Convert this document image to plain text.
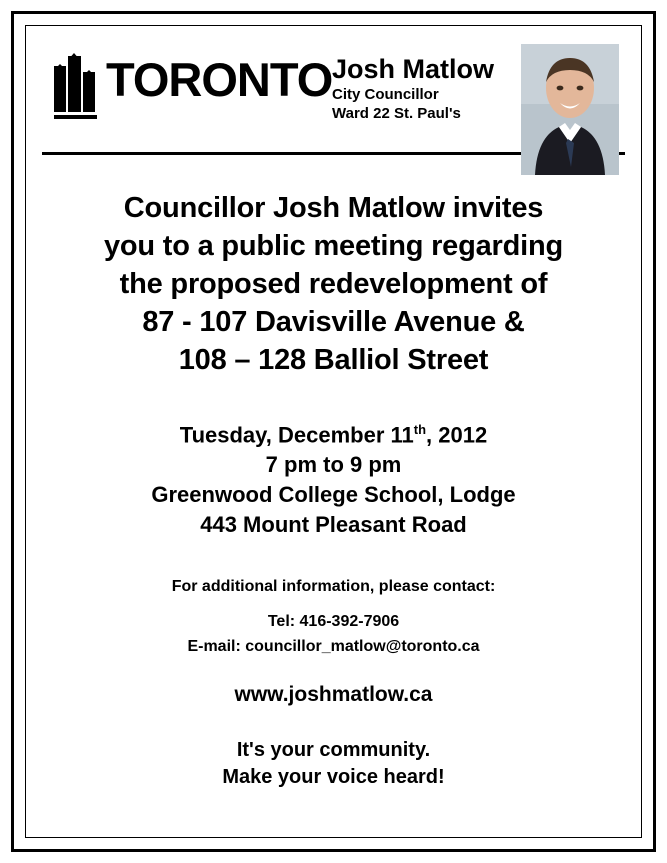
TORONTO Josh Matlow
City Councillor
Ward 22 St. Paul's
Councillor Josh Matlow invites
you to a public meeting regarding
the proposed redevelopment of
87 - 107 Davisville Avenue &
108 – 128 Balliol Street
Tuesday, December 11th, 2012
7 pm to 9 pm
Greenwood College School, Lodge
443 Mount Pleasant Road
For additional information, please contact:
Tel: 416-392-7906
E-mail: councillor_matlow@toronto.ca
www.joshmatlow.ca
It's your community.
Make your voice heard!
